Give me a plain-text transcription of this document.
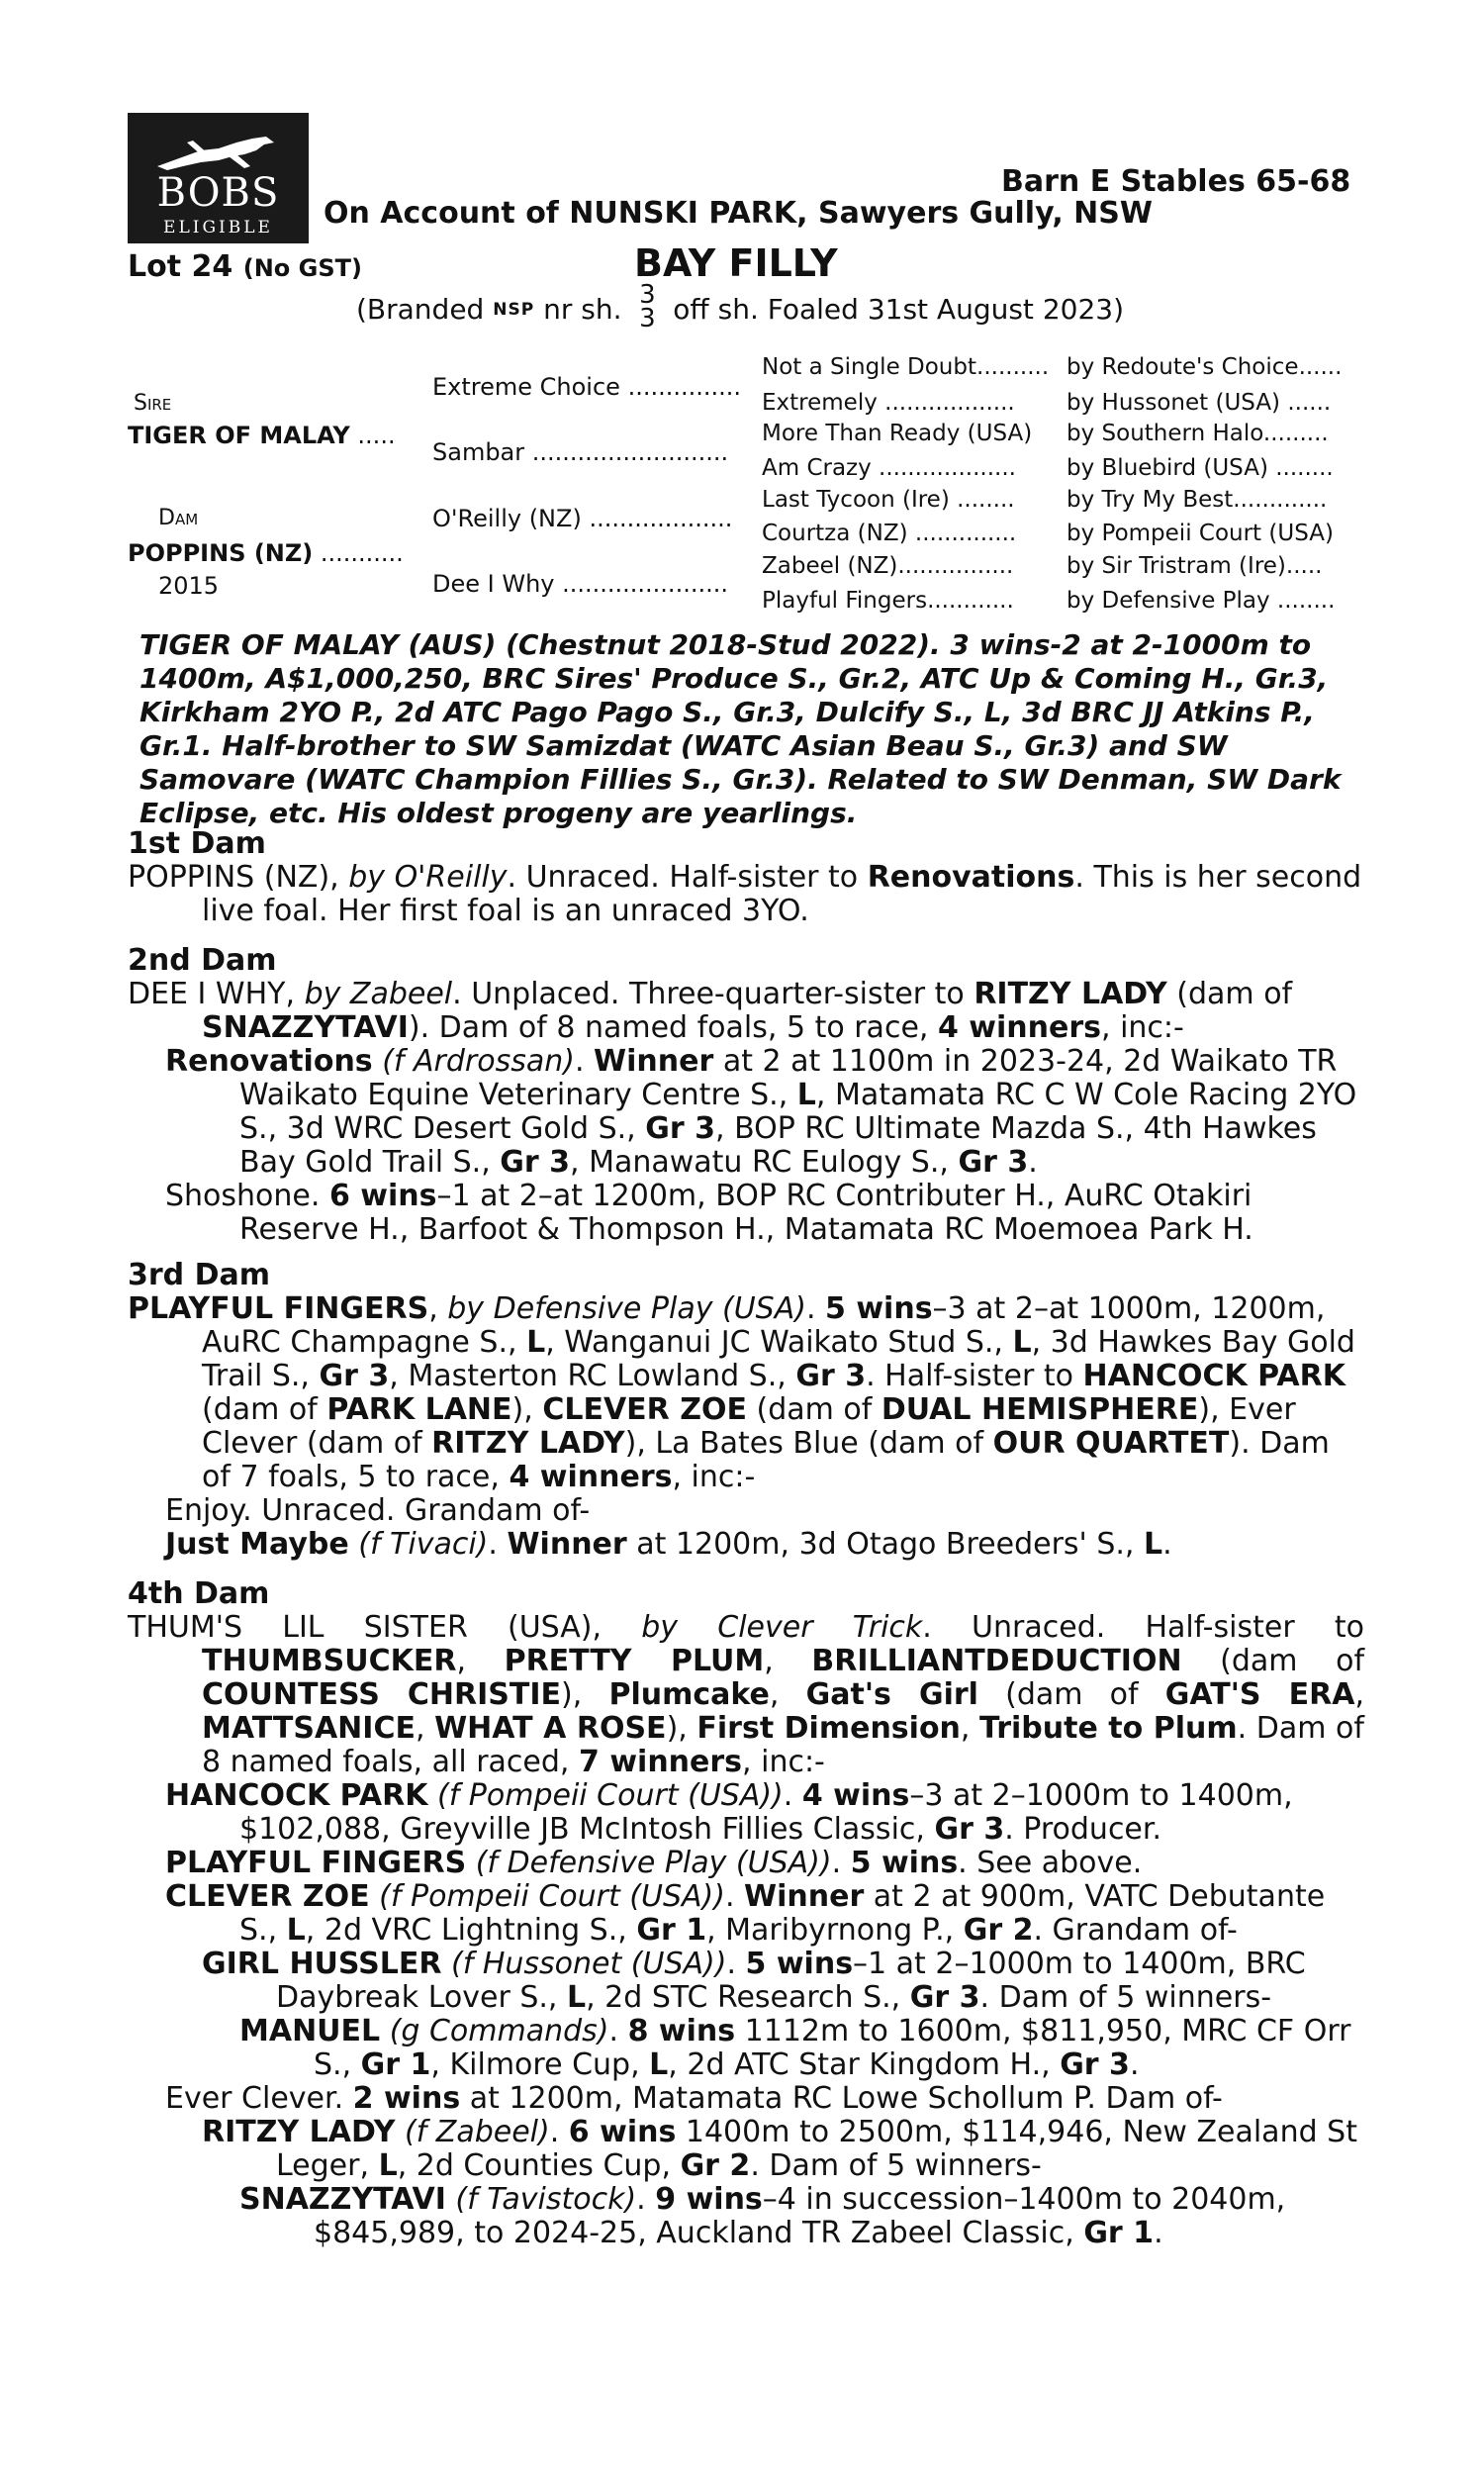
BOBS
ELIGIBLE
Barn E Stables 65-68
On Account of NUNSKI PARK, Sawyers Gully, NSW
Lot 24 (No GST)	BAY FILLY
(Branded NSP nr sh. 3
3 off sh. Foaled 31st August 2023)
Sire
TIGER OF MALAY .....
Dam
POPPINS (NZ) ...........
2015
Extreme Choice ...............
Sambar ..........................
O'Reilly (NZ) ...................
Dee I Why ......................
Not a Single Doubt.......... by Redoute's Choice......
Extremely .................. by Hussonet (USA) ......
More Than Ready (USA) by Southern Halo.........
Am Crazy ................... by Bluebird (USA) ........
Last Tycoon (Ire) ........ by Try My Best.............
Courtza (NZ) .............. by Pompeii Court (USA)
Zabeel (NZ)................ by Sir Tristram (Ire).....
Playful Fingers............ by Defensive Play ........
TIGER OF MALAY (AUS) (Chestnut 2018-Stud 2022). 3 wins-2 at 2-1000m to
1400m, A$1,000,250, BRC Sires' Produce S., Gr.2, ATC Up & Coming H., Gr.3,
Kirkham 2YO P., 2d ATC Pago Pago S., Gr.3, Dulcify S., L, 3d BRC JJ Atkins P.,
Gr.1. Half-brother to SW Samizdat (WATC Asian Beau S., Gr.3) and SW
Samovare (WATC Champion Fillies S., Gr.3). Related to SW Denman, SW Dark
Eclipse, etc. His oldest progeny are yearlings.
1st Dam

POPPINS (NZ), by O'Reilly. Unraced. Half-sister to Renovations. This is her second live foal. Her first foal is an unraced 3YO.

2nd Dam

DEE I WHY, by Zabeel. Unplaced. Three-quarter-sister to RITZY LADY (dam of SNAZZYTAVI). Dam of 8 named foals, 5 to race, 4 winners, inc:-

Renovations (f Ardrossan). Winner at 2 at 1100m in 2023-24, 2d Waikato TR Waikato Equine Veterinary Centre S., L, Matamata RC C W Cole Racing 2YO S., 3d WRC Desert Gold S., Gr 3, BOP RC Ultimate Mazda S., 4th Hawkes Bay Gold Trail S., Gr 3, Manawatu RC Eulogy S., Gr 3.

Shoshone. 6 wins–1 at 2–at 1200m, BOP RC Contributer H., AuRC Otakiri Reserve H., Barfoot & Thompson H., Matamata RC Moemoea Park H.

3rd Dam

PLAYFUL FINGERS, by Defensive Play (USA). 5 wins–3 at 2–at 1000m, 1200m, AuRC Champagne S., L, Wanganui JC Waikato Stud S., L, 3d Hawkes Bay Gold Trail S., Gr 3, Masterton RC Lowland S., Gr 3. Half-sister to HANCOCK PARK (dam of PARK LANE), CLEVER ZOE (dam of DUAL HEMISPHERE), Ever Clever (dam of RITZY LADY), La Bates Blue (dam of OUR QUARTET). Dam of 7 foals, 5 to race, 4 winners, inc:-

Enjoy. Unraced. Grandam of-

Just Maybe (f Tivaci). Winner at 1200m, 3d Otago Breeders' S., L.

4th Dam

THUM'S LIL SISTER (USA), by Clever Trick. Unraced. Half-sister to THUMBSUCKER, PRETTY PLUM, BRILLIANTDEDUCTION (dam of COUNTESS CHRISTIE), Plumcake, Gat's Girl (dam of GAT'S ERA, MATTSANICE, WHAT A ROSE), First Dimension, Tribute to Plum. Dam of 8 named foals, all raced, 7 winners, inc:-

HANCOCK PARK (f Pompeii Court (USA)). 4 wins–3 at 2–1000m to 1400m, $102,088, Greyville JB McIntosh Fillies Classic, Gr 3. Producer.

PLAYFUL FINGERS (f Defensive Play (USA)). 5 wins. See above.

CLEVER ZOE (f Pompeii Court (USA)). Winner at 2 at 900m, VATC Debutante S., L, 2d VRC Lightning S., Gr 1, Maribyrnong P., Gr 2. Grandam of-

GIRL HUSSLER (f Hussonet (USA)). 5 wins–1 at 2–1000m to 1400m, BRC Daybreak Lover S., L, 2d STC Research S., Gr 3. Dam of 5 winners-

MANUEL (g Commands). 8 wins 1112m to 1600m, $811,950, MRC CF Orr S., Gr 1, Kilmore Cup, L, 2d ATC Star Kingdom H., Gr 3.

Ever Clever. 2 wins at 1200m, Matamata RC Lowe Schollum P. Dam of-

RITZY LADY (f Zabeel). 6 wins 1400m to 2500m, $114,946, New Zealand St Leger, L, 2d Counties Cup, Gr 2. Dam of 5 winners-

SNAZZYTAVI (f Tavistock). 9 wins–4 in succession–1400m to 2040m, $845,989, to 2024-25, Auckland TR Zabeel Classic, Gr 1.
